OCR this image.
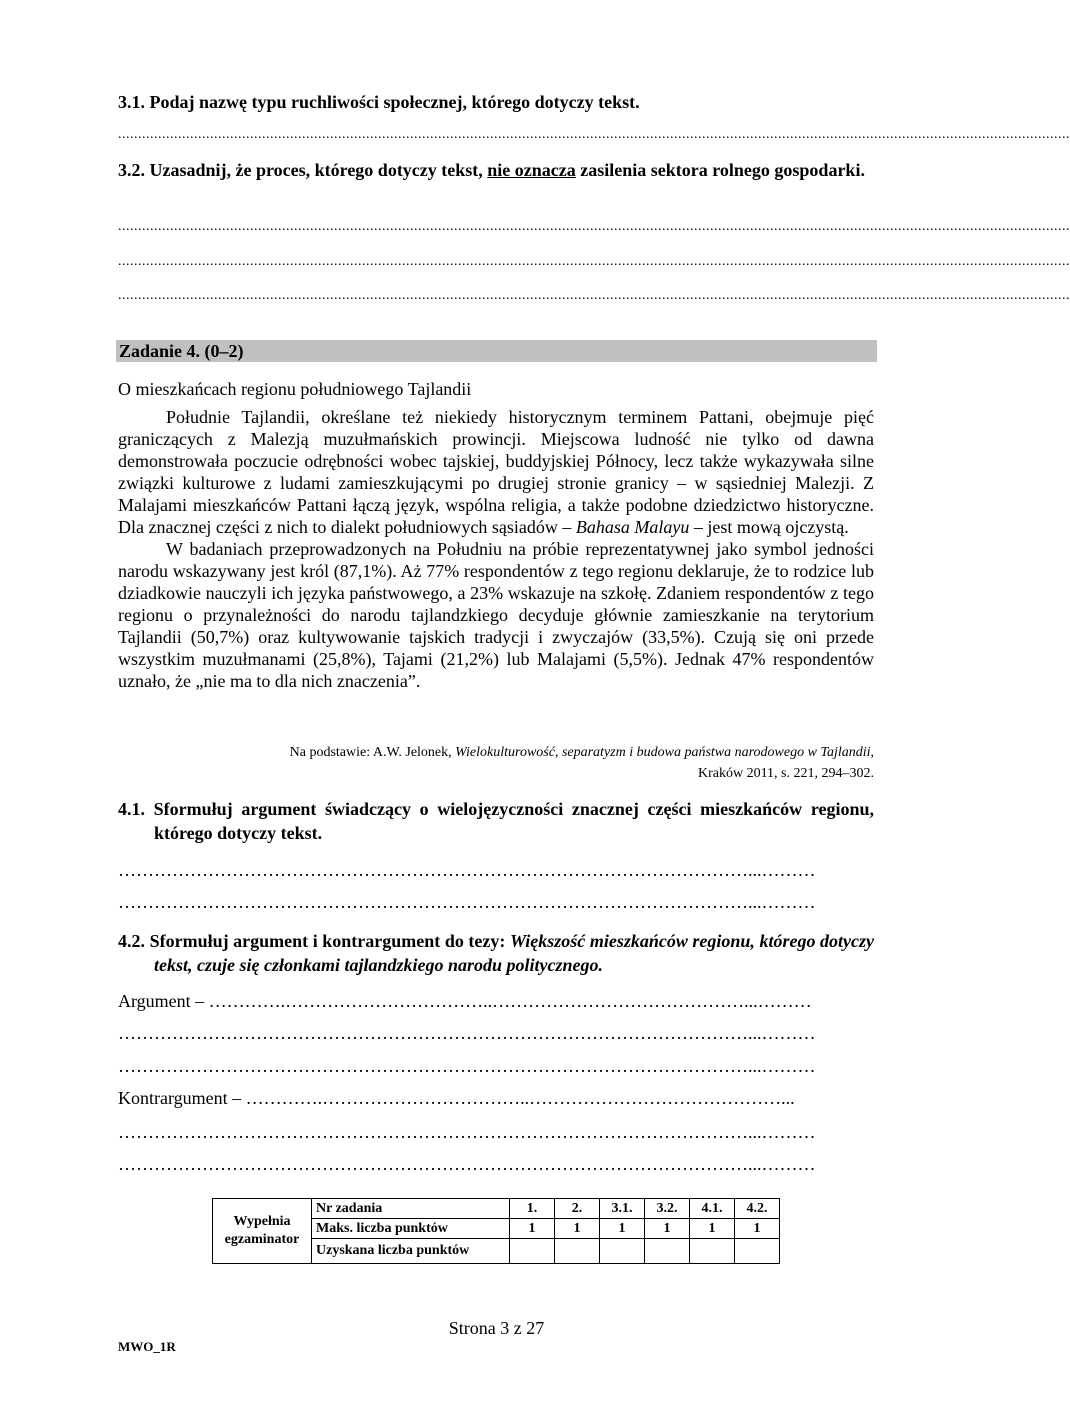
3.1. Podaj nazwę typu ruchliwości społecznej, którego dotyczy tekst.
..............................................................................................................................................................................................................................................
3.2. Uzasadnij, że proces, którego dotyczy tekst, nie oznacza zasilenia sektora rolnego gospodarki.
..............................................................................................................................................................................................................................................
..............................................................................................................................................................................................................................................
..............................................................................................................................................................................................................................................
Zadanie 4. (0–2)
O mieszkańcach regionu południowego Tajlandii

Południe Tajlandii, określane też niekiedy historycznym terminem Pattani, obejmuje pięć graniczących z Malezją muzułmańskich prowincji. Miejscowa ludność nie tylko od dawna demonstrowała poczucie odrębności wobec tajskiej, buddyjskiej Północy, lecz także wykazywała silne związki kulturowe z ludami zamieszkującymi po drugiej stronie granicy – w sąsiedniej Malezji. Z Malajami mieszkańców Pattani łączą język, wspólna religia, a także podobne dziedzictwo historyczne. Dla znacznej części z nich to dialekt południowych sąsiadów – Bahasa Malayu – jest mową ojczystą.

W badaniach przeprowadzonych na Południu na próbie reprezentatywnej jako symbol jedności narodu wskazywany jest król (87,1%). Aż 77% respondentów z tego regionu deklaruje, że to rodzice lub dziadkowie nauczyli ich języka państwowego, a 23% wskazuje na szkołę. Zdaniem respondentów z tego regionu o przynależności do narodu tajlandzkiego decyduje głównie zamieszkanie na terytorium Tajlandii (50,7%) oraz kultywowanie tajskich tradycji i zwyczajów (33,5%). Czują się oni przede wszystkim muzułmanami (25,8%), Tajami (21,2%) lub Malajami (5,5%). Jednak 47% respondentów uznało, że „nie ma to dla nich znaczenia”.

Na podstawie: A.W. Jelonek, Wielokulturowość, separatyzm i budowa państwa narodowego w Tajlandii,
Kraków 2011, s. 221, 294–302.
4.1. Sformułuj argument świadczący o wielojęzyczności znacznej części mieszkańców regionu, którego dotyczy tekst.
……………………………………………………………………………………………...………
……………………………………………………………………………………………...………
4.2. Sformułuj argument i kontrargument do tezy: Większość mieszkańców regionu, którego dotyczy tekst, czuje się członkami tajlandzkiego narodu politycznego.
Argument – ………….……………………………..……………………………………...………
……………………………………………………………………………………………...………
……………………………………………………………………………………………...………
Kontrargument – ………….……………………………..……………………………………...
……………………………………………………………………………………………...………
……………………………………………………………………………………………...………
Wypełnia egzaminator	Nr zadania	1.	2.	3.1.	3.2.	4.1.	4.2.
	Maks. liczba punktów	1	1	1	1	1	1
	Uzyskana liczba punktów						
Strona 3 z 27
MWO_1R
